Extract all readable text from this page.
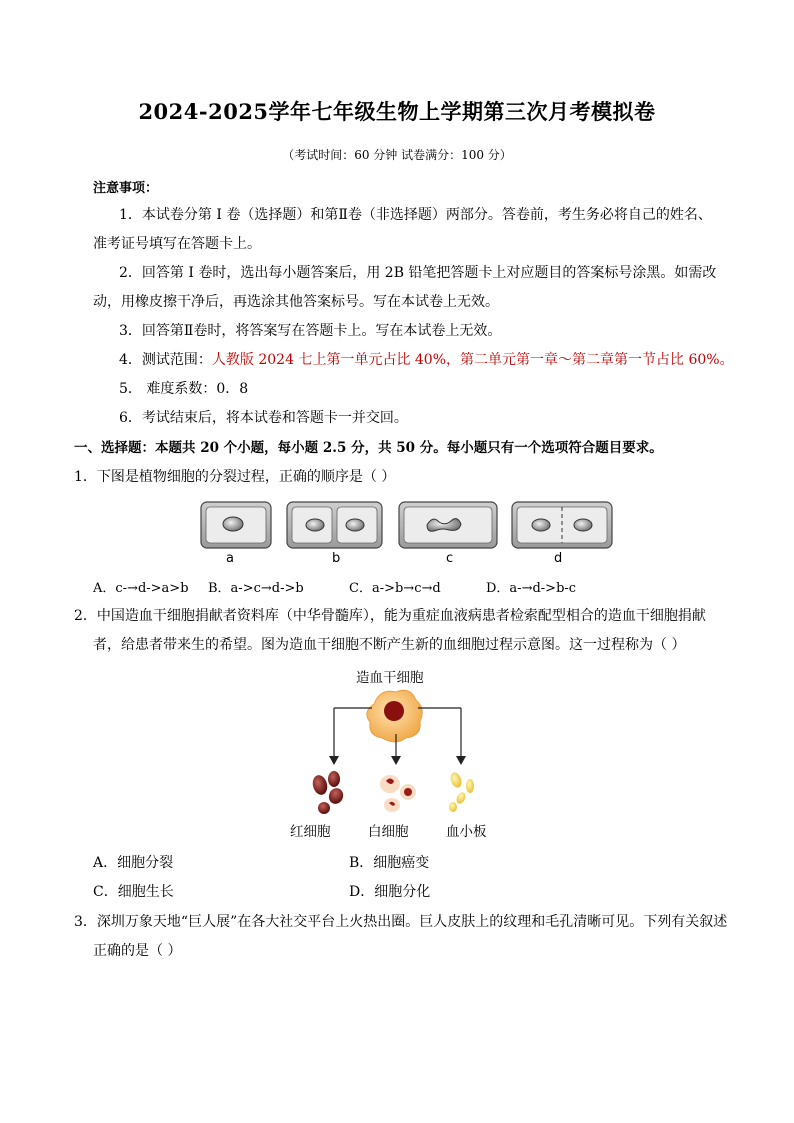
2024-2025学年七年级生物上学期第三次月考模拟卷
（考试时间：60 分钟 试卷满分：100 分）
注意事项：
1．本试卷分第 I 卷（选择题）和第Ⅱ卷（非选择题）两部分。答卷前，考生务必将自己的姓名、
准考证号填写在答题卡上。
2．回答第 I 卷时，选出每小题答案后，用 2B 铅笔把答题卡上对应题目的答案标号涂黑。如需改
动，用橡皮擦干净后，再选涂其他答案标号。写在本试卷上无效。
3．回答第Ⅱ卷时，将答案写在答题卡上。写在本试卷上无效。
4．测试范围：人教版 2024 七上第一单元占比 40%，第二单元第一章～第二章第一节占比 60%。
5． 难度系数：0．8
6．考试结束后，将本试卷和答题卡一并交回。
一、选择题：本题共 20 个小题，每小题 2.5 分，共 50 分。每小题只有一个选项符合题目要求。
1．下图是植物细胞的分裂过程，正确的顺序是（ ）
a	b	c	d
A．c-→d->a>b B．a->c→d->b	C．a->b→c→d	D．a-→d->b-c
2．中国造血干细胞捐献者资料库（中华骨髓库），能为重症血液病患者检索配型相合的造血干细胞捐献
者，给患者带来生的希望。图为造血干细胞不断产生新的血细胞过程示意图。这一过程称为（ ）
造血干细胞
红细胞	白细胞	血小板
A．细胞分裂	B．细胞癌变
C．细胞生长	D．细胞分化
3．深圳万象天地“巨人展”在各大社交平台上火热出圈。巨人皮肤上的纹理和毛孔清晰可见。下列有关叙述
正确的是（ ）
